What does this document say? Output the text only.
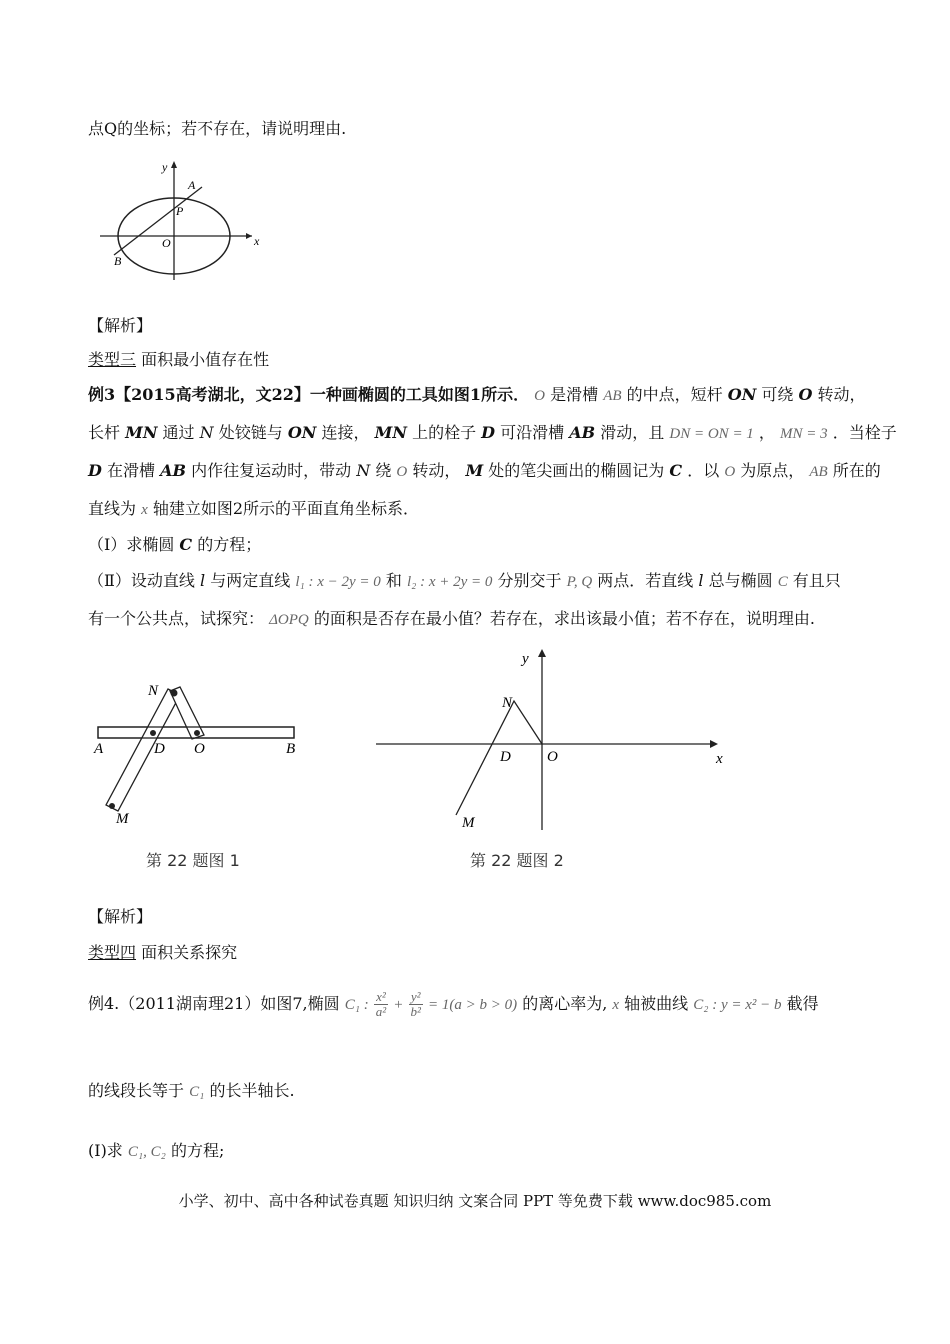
点Q的坐标；若不存在，请说明理由.
y
x
A
P
O
B
【解析】
类型三 面积最小值存在性
例3【2015高考湖北，文22】一种画椭圆的工具如图1所示． O 是滑槽 AB 的中点，短杆 ON 可绕 O 转动，
长杆 MN 通过 N 处铰链与 ON 连接， MN 上的栓子 D 可沿滑槽 AB 滑动，且 DN = ON = 1 ， MN = 3 ．当栓子
D 在滑槽 AB 内作往复运动时，带动 N 绕 O 转动， M 处的笔尖画出的椭圆记为 C ．以 O 为原点， AB 所在的
直线为 x 轴建立如图2所示的平面直角坐标系．
（Ⅰ）求椭圆 C 的方程；
（Ⅱ）设动直线 l 与两定直线 l₁ : x − 2y = 0 和 l₂ : x + 2y = 0 分别交于 P, Q 两点．若直线 l 总与椭圆 C 有且只
有一个公共点，试探究： ΔOPQ 的面积是否存在最小值？若存在，求出该最小值；若不存在，说明理由.
N
A	D O	B
M
第 22 题图 1
y
N
D O	x
M
第 22 题图 2
【解析】
类型四 面积关系探究
例4.（2011湖南理21）如图7,椭圆 C₁ : $\frac{\text{x²}}{\text{a²}} + \frac{\text{y²}}{\text{b²}} = 1(a > b > 0)$ 的离心率为, x 轴被曲线 C₂ : y = x² − b 截得
的线段长等于 C₁ 的长半轴长.
(I)求 C₁, C₂ 的方程;
小学、初中、高中各种试卷真题 知识归纳 文案合同 PPT 等免费下载 www.doc985.com
